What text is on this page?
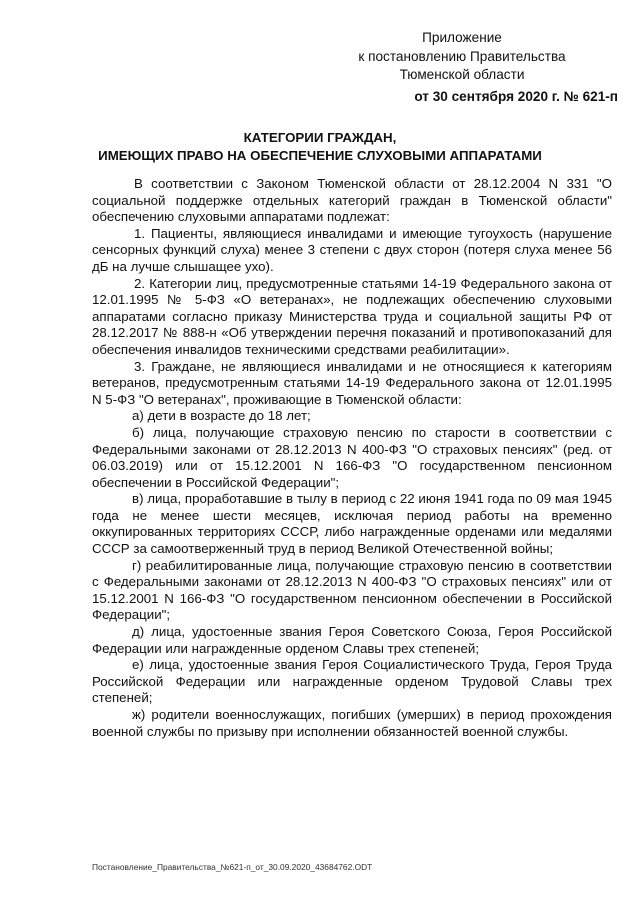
Приложение
к постановлению Правительства
Тюменской области
от 30 сентября 2020 г. № 621-п
КАТЕГОРИИ ГРАЖДАН,
ИМЕЮЩИХ ПРАВО НА ОБЕСПЕЧЕНИЕ СЛУХОВЫМИ АППАРАТАМИ

В соответствии с Законом Тюменской области от 28.12.2004 N 331 "О социальной поддержке отдельных категорий граждан в Тюменской области" обеспечению слуховыми аппаратами подлежат:

1. Пациенты, являющиеся инвалидами и имеющие тугоухость (нарушение сенсорных функций слуха) менее 3 степени с двух сторон (потеря слуха менее 56 дБ на лучше слышащее ухо).

2. Категории лиц, предусмотренные статьями 14-19 Федерального закона от 12.01.1995 № 5-ФЗ «О ветеранах», не подлежащих обеспечению слуховыми аппаратами согласно приказу Министерства труда и социальной защиты РФ от 28.12.2017 № 888-н «Об утверждении перечня показаний и противопоказаний для обеспечения инвалидов техническими средствами реабилитации».

3. Граждане, не являющиеся инвалидами и не относящиеся к категориям ветеранов, предусмотренным статьями 14-19 Федерального закона от 12.01.1995 N 5-ФЗ "О ветеранах", проживающие в Тюменской области:

а) дети в возрасте до 18 лет;

б) лица, получающие страховую пенсию по старости в соответствии с Федеральными законами от 28.12.2013 N 400-ФЗ "О страховых пенсиях" (ред. от 06.03.2019) или от 15.12.2001 N 166-ФЗ "О государственном пенсионном обеспечении в Российской Федерации";

в) лица, проработавшие в тылу в период с 22 июня 1941 года по 09 мая 1945 года не менее шести месяцев, исключая период работы на временно оккупированных территориях СССР, либо награжденные орденами или медалями СССР за самоотверженный труд в период Великой Отечественной войны;

г) реабилитированные лица, получающие страховую пенсию в соответствии с Федеральными законами от 28.12.2013 N 400-ФЗ "О страховых пенсиях" или от 15.12.2001 N 166-ФЗ "О государственном пенсионном обеспечении в Российской Федерации";

д) лица, удостоенные звания Героя Советского Союза, Героя Российской Федерации или награжденные орденом Славы трех степеней;

е) лица, удостоенные звания Героя Социалистического Труда, Героя Труда Российской Федерации или награжденные орденом Трудовой Славы трех степеней;

ж) родители военнослужащих, погибших (умерших) в период прохождения военной службы по призыву при исполнении обязанностей военной службы.

Постановление_Правительства_№621-п_от_30.09.2020_43684762.ODT
